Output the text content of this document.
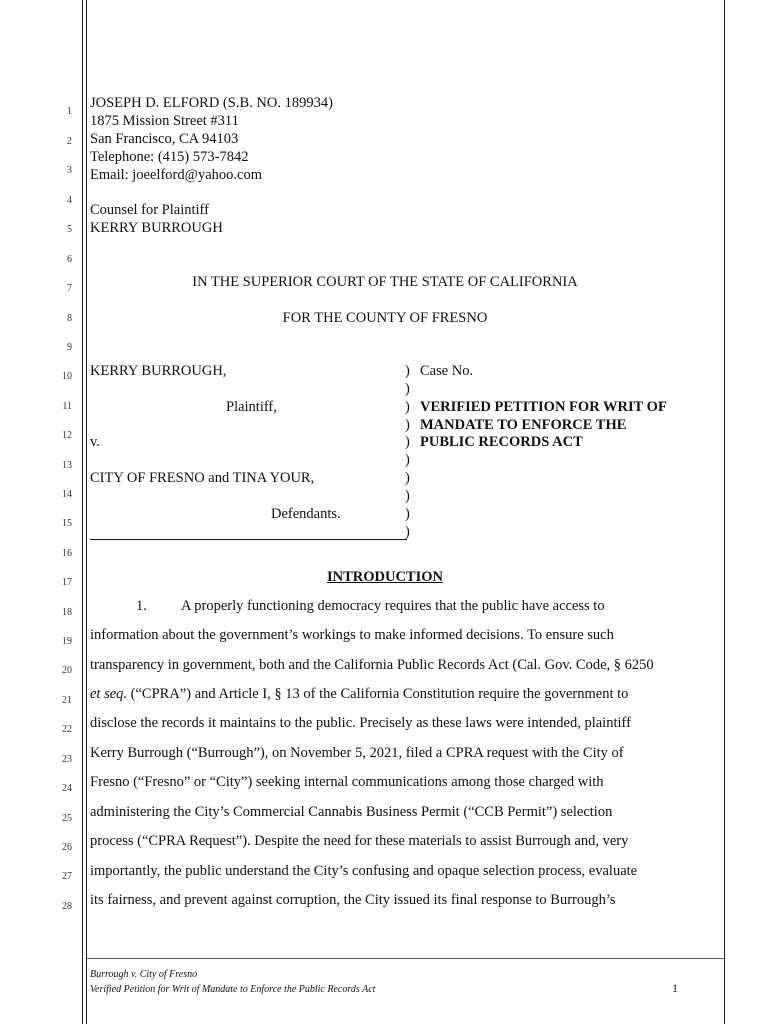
1
2
3
4
5
6
7
8
9
10
11
12
13
14
15
16
17
18
19
20
21
22
23
24
25
26
27
28
JOSEPH D. ELFORD (S.B. NO. 189934)
1875 Mission Street #311
San Francisco, CA 94103
Telephone: (415) 573-7842
Email: joeelford@yahoo.com
Counsel for Plaintiff
KERRY BURROUGH
IN THE SUPERIOR COURT OF THE STATE OF CALIFORNIA
FOR THE COUNTY OF FRESNO
KERRY BURROUGH,
Plaintiff,
v.
CITY OF FRESNO and TINA YOUR,
Defendants.
)
)
)
)
)
)
)
)
)
)
Case No.
VERIFIED PETITION FOR WRIT OF
MANDATE TO ENFORCE THE
PUBLIC RECORDS ACT
INTRODUCTION
1. A properly functioning democracy requires that the public have access to
information about the government’s workings to make informed decisions. To ensure such
transparency in government, both and the California Public Records Act (Cal. Gov. Code, § 6250
et seq. (“CPRA”) and Article I, § 13 of the California Constitution require the government to
disclose the records it maintains to the public. Precisely as these laws were intended, plaintiff
Kerry Burrough (“Burrough”), on November 5, 2021, filed a CPRA request with the City of
Fresno (“Fresno” or “City”) seeking internal communications among those charged with
administering the City’s Commercial Cannabis Business Permit (“CCB Permit”) selection
process (“CPRA Request”). Despite the need for these materials to assist Burrough and, very
importantly, the public understand the City’s confusing and opaque selection process, evaluate
its fairness, and prevent against corruption, the City issued its final response to Burrough’s
Burrough v. City of Fresno
Verified Petition for Writ of Mandate to Enforce the Public Records Act	1
